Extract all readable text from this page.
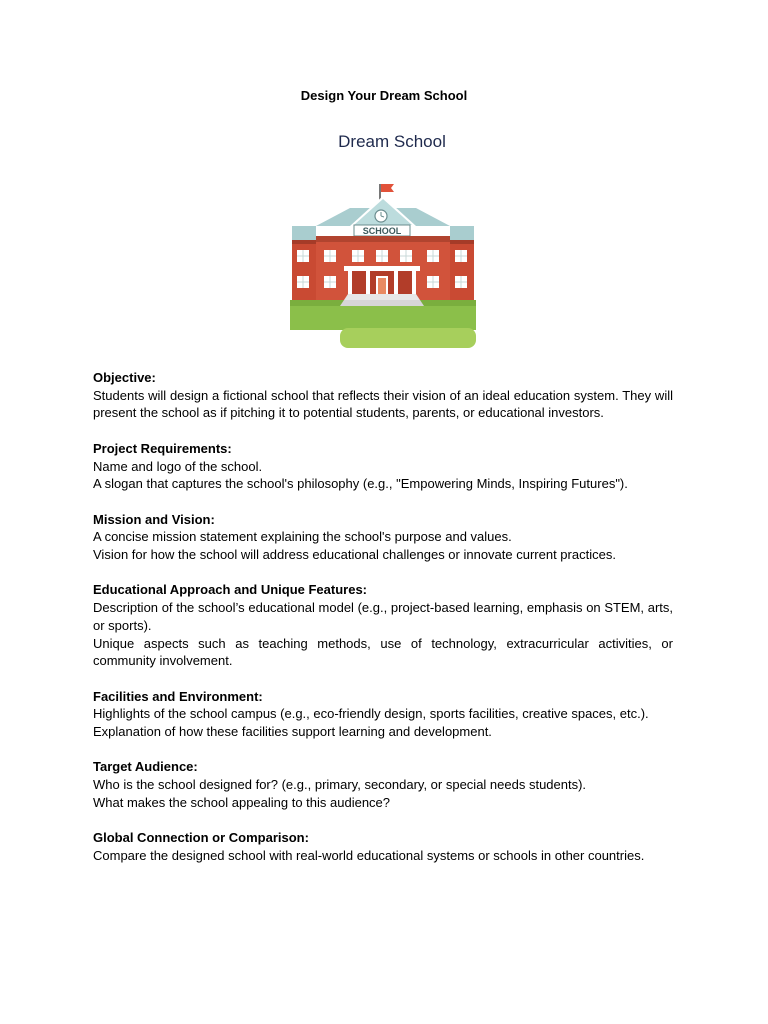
Design Your Dream School
Dream School
SCHOOL

Objective:

Students will design a fictional school that reflects their vision of an ideal education system. They will present the school as if pitching it to potential students, parents, or educational investors.

Project Requirements:

Name and logo of the school.

A slogan that captures the school's philosophy (e.g., "Empowering Minds, Inspiring Futures").

Mission and Vision:

A concise mission statement explaining the school's purpose and values.

Vision for how the school will address educational challenges or innovate current practices.

Educational Approach and Unique Features:

Description of the school’s educational model (e.g., project-based learning, emphasis on STEM, arts, or sports).

Unique aspects such as teaching methods, use of technology, extracurricular activities, or community involvement.

Facilities and Environment:

Highlights of the school campus (e.g., eco-friendly design, sports facilities, creative spaces, etc.).

Explanation of how these facilities support learning and development.

Target Audience:

Who is the school designed for? (e.g., primary, secondary, or special needs students).

What makes the school appealing to this audience?

Global Connection or Comparison:

Compare the designed school with real-world educational systems or schools in other countries.
